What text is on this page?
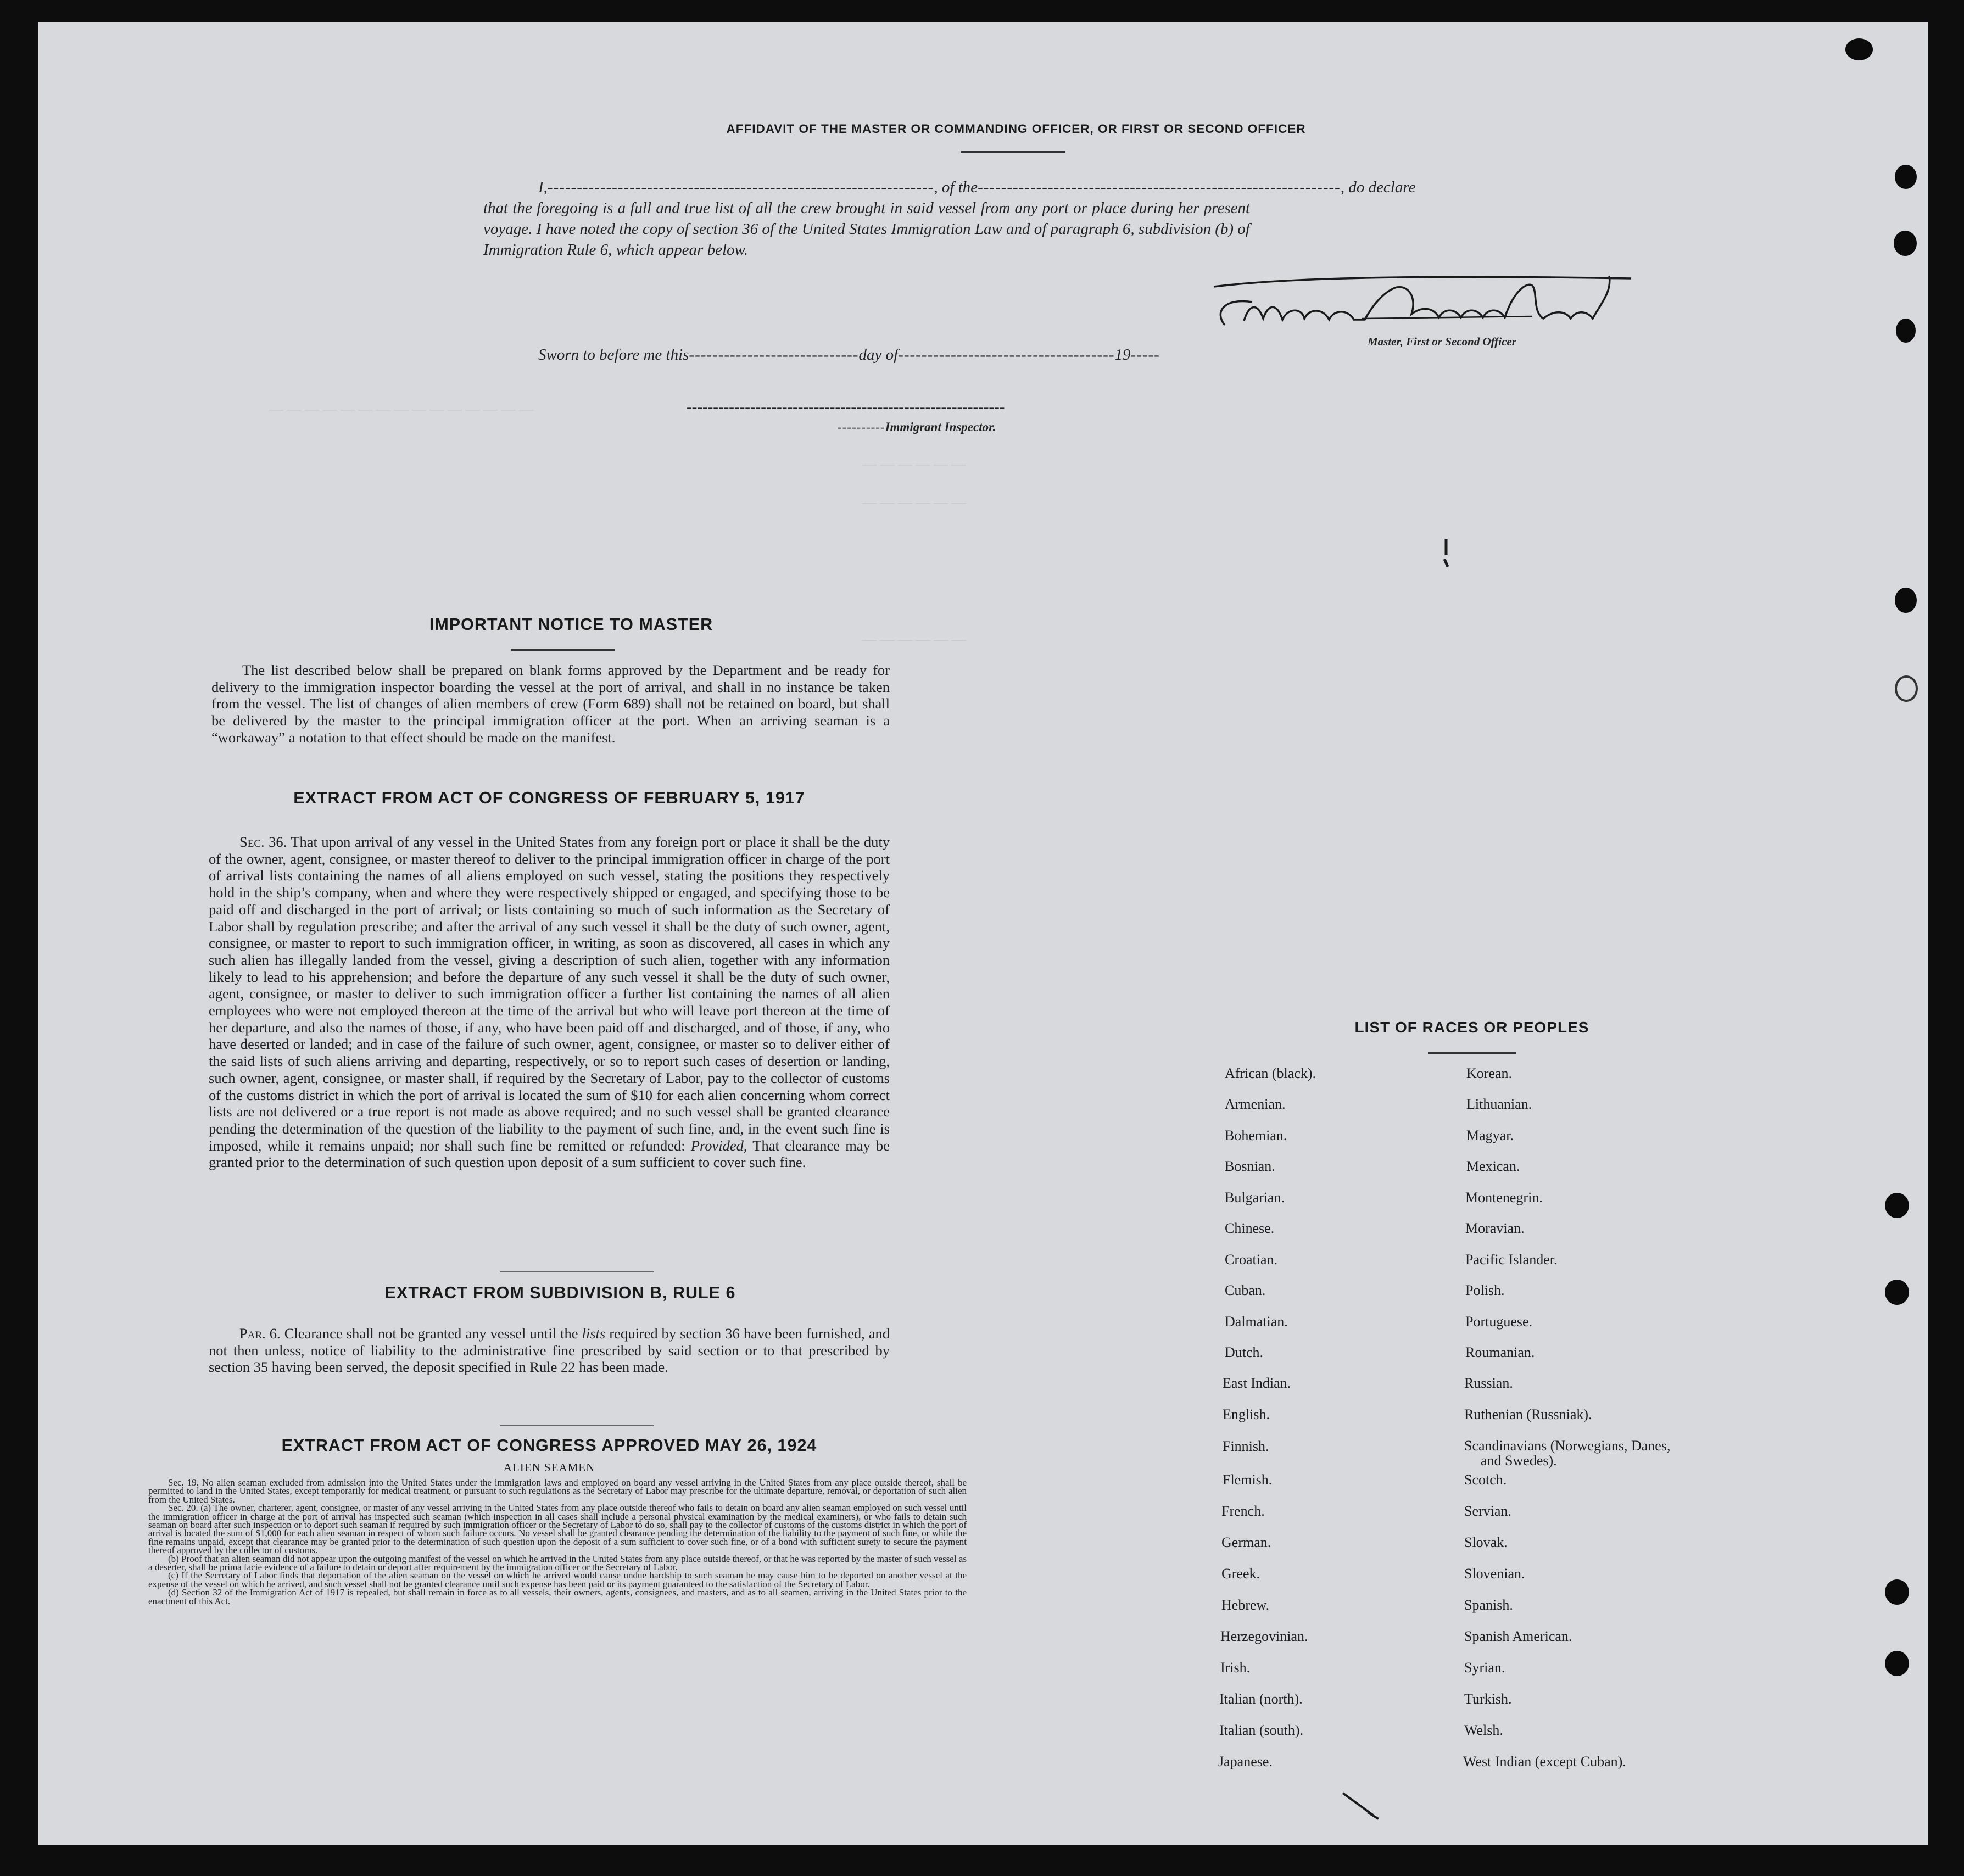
— — — — — — — — — — — — — — —
— — — — — —
— — — — — —
— — — — — —
AFFIDAVIT OF THE MASTER OR COMMANDING OFFICER, OR FIRST OR SECOND OFFICER
I,------------------------------------------------------------------, of the--------------------------------------------------------------, do declare
that the foregoing is a full and true list of all the crew brought in said vessel from any port or place during her present
voyage. I have noted the copy of section 36 of the United States Immigration Law and of paragraph 6, subdivision (b) of
Immigration Rule 6, which appear below.
Master, First or Second Officer
Sworn to before me this-----------------------------day of-------------------------------------19-----
------------------------------------------------------------
----------Immigrant Inspector.
IMPORTANT NOTICE TO MASTER

The list described below shall be prepared on blank forms approved by the Department and be ready for delivery to the immigration inspector boarding the vessel at the port of arrival, and shall in no instance be taken from the vessel. The list of changes of alien members of crew (Form 689) shall not be retained on board, but shall be delivered by the master to the principal immigration officer at the port. When an arriving seaman is a “workaway” a notation to that effect should be made on the manifest.

EXTRACT FROM ACT OF CONGRESS OF FEBRUARY 5, 1917

Sec. 36. That upon arrival of any vessel in the United States from any foreign port or place it shall be the duty of the owner, agent, consignee, or master thereof to deliver to the principal immigration officer in charge of the port of arrival lists containing the names of all aliens employed on such vessel, stating the positions they respectively hold in the ship’s company, when and where they were respectively shipped or engaged, and specifying those to be paid off and discharged in the port of arrival; or lists containing so much of such information as the Secretary of Labor shall by regulation prescribe; and after the arrival of any such vessel it shall be the duty of such owner, agent, consignee, or master to report to such immigration officer, in writing, as soon as discovered, all cases in which any such alien has illegally landed from the vessel, giving a description of such alien, together with any information likely to lead to his apprehension; and before the departure of any such vessel it shall be the duty of such owner, agent, consignee, or master to deliver to such immigration officer a further list containing the names of all alien employees who were not employed thereon at the time of the arrival but who will leave port thereon at the time of her departure, and also the names of those, if any, who have been paid off and discharged, and of those, if any, who have deserted or landed; and in case of the failure of such owner, agent, consignee, or master so to deliver either of the said lists of such aliens arriving and departing, respectively, or so to report such cases of desertion or landing, such owner, agent, consignee, or master shall, if required by the Secretary of Labor, pay to the collector of customs of the customs district in which the port of arrival is located the sum of $10 for each alien concerning whom correct lists are not delivered or a true report is not made as above required; and no such vessel shall be granted clearance pending the determination of the question of the liability to the payment of such fine, and, in the event such fine is imposed, while it remains unpaid; nor shall such fine be remitted or refunded: Provided, That clearance may be granted prior to the determination of such question upon deposit of a sum sufficient to cover such fine.

EXTRACT FROM SUBDIVISION B, RULE 6

Par. 6. Clearance shall not be granted any vessel until the lists required by section 36 have been furnished, and not then unless, notice of liability to the administrative fine prescribed by said section or to that prescribed by section 35 having been served, the deposit specified in Rule 22 has been made.

EXTRACT FROM ACT OF CONGRESS APPROVED MAY 26, 1924
ALIEN SEAMEN

Sec. 19. No alien seaman excluded from admission into the United States under the immigration laws and employed on board any vessel arriving in the United States from any place outside thereof, shall be permitted to land in the United States, except temporarily for medical treatment, or pursuant to such regulations as the Secretary of Labor may prescribe for the ultimate departure, removal, or deportation of such alien from the United States.

Sec. 20. (a) The owner, charterer, agent, consignee, or master of any vessel arriving in the United States from any place outside thereof who fails to detain on board any alien seaman employed on such vessel until the immigration officer in charge at the port of arrival has inspected such seaman (which inspection in all cases shall include a personal physical examination by the medical examiners), or who fails to detain such seaman on board after such inspection or to deport such seaman if required by such immigration officer or the Secretary of Labor to do so, shall pay to the collector of customs of the customs district in which the port of arrival is located the sum of $1,000 for each alien seaman in respect of whom such failure occurs. No vessel shall be granted clearance pending the determination of the liability to the payment of such fine, or while the fine remains unpaid, except that clearance may be granted prior to the determination of such question upon the deposit of a sum sufficient to cover such fine, or of a bond with sufficient surety to secure the payment thereof approved by the collector of customs.

(b) Proof that an alien seaman did not appear upon the outgoing manifest of the vessel on which he arrived in the United States from any place outside thereof, or that he was reported by the master of such vessel as a deserter, shall be prima facie evidence of a failure to detain or deport after requirement by the immigration officer or the Secretary of Labor.

(c) If the Secretary of Labor finds that deportation of the alien seaman on the vessel on which he arrived would cause undue hardship to such seaman he may cause him to be deported on another vessel at the expense of the vessel on which he arrived, and such vessel shall not be granted clearance until such expense has been paid or its payment guaranteed to the satisfaction of the Secretary of Labor.

(d) Section 32 of the Immigration Act of 1917 is repealed, but shall remain in force as to all vessels, their owners, agents, consignees, and masters, and as to all seamen, arriving in the United States prior to the enactment of this Act.

LIST OF RACES OR PEOPLES
African (black).
Armenian.
Bohemian.
Bosnian.
Bulgarian.
Chinese.
Croatian.
Cuban.
Dalmatian.
Dutch.
East Indian.
English.
Finnish.
Flemish.
French.
German.
Greek.
Hebrew.
Herzegovinian.
Irish.
Italian (north).
Italian (south).
Japanese.
Korean.
Lithuanian.
Magyar.
Mexican.
Montenegrin.
Moravian.
Pacific Islander.
Polish.
Portuguese.
Roumanian.
Russian.
Ruthenian (Russniak).
Scandinavians (Norwegians, Danes, and Swedes).
Scotch.
Servian.
Slovak.
Slovenian.
Spanish.
Spanish American.
Syrian.
Turkish.
Welsh.
West Indian (except Cuban).
